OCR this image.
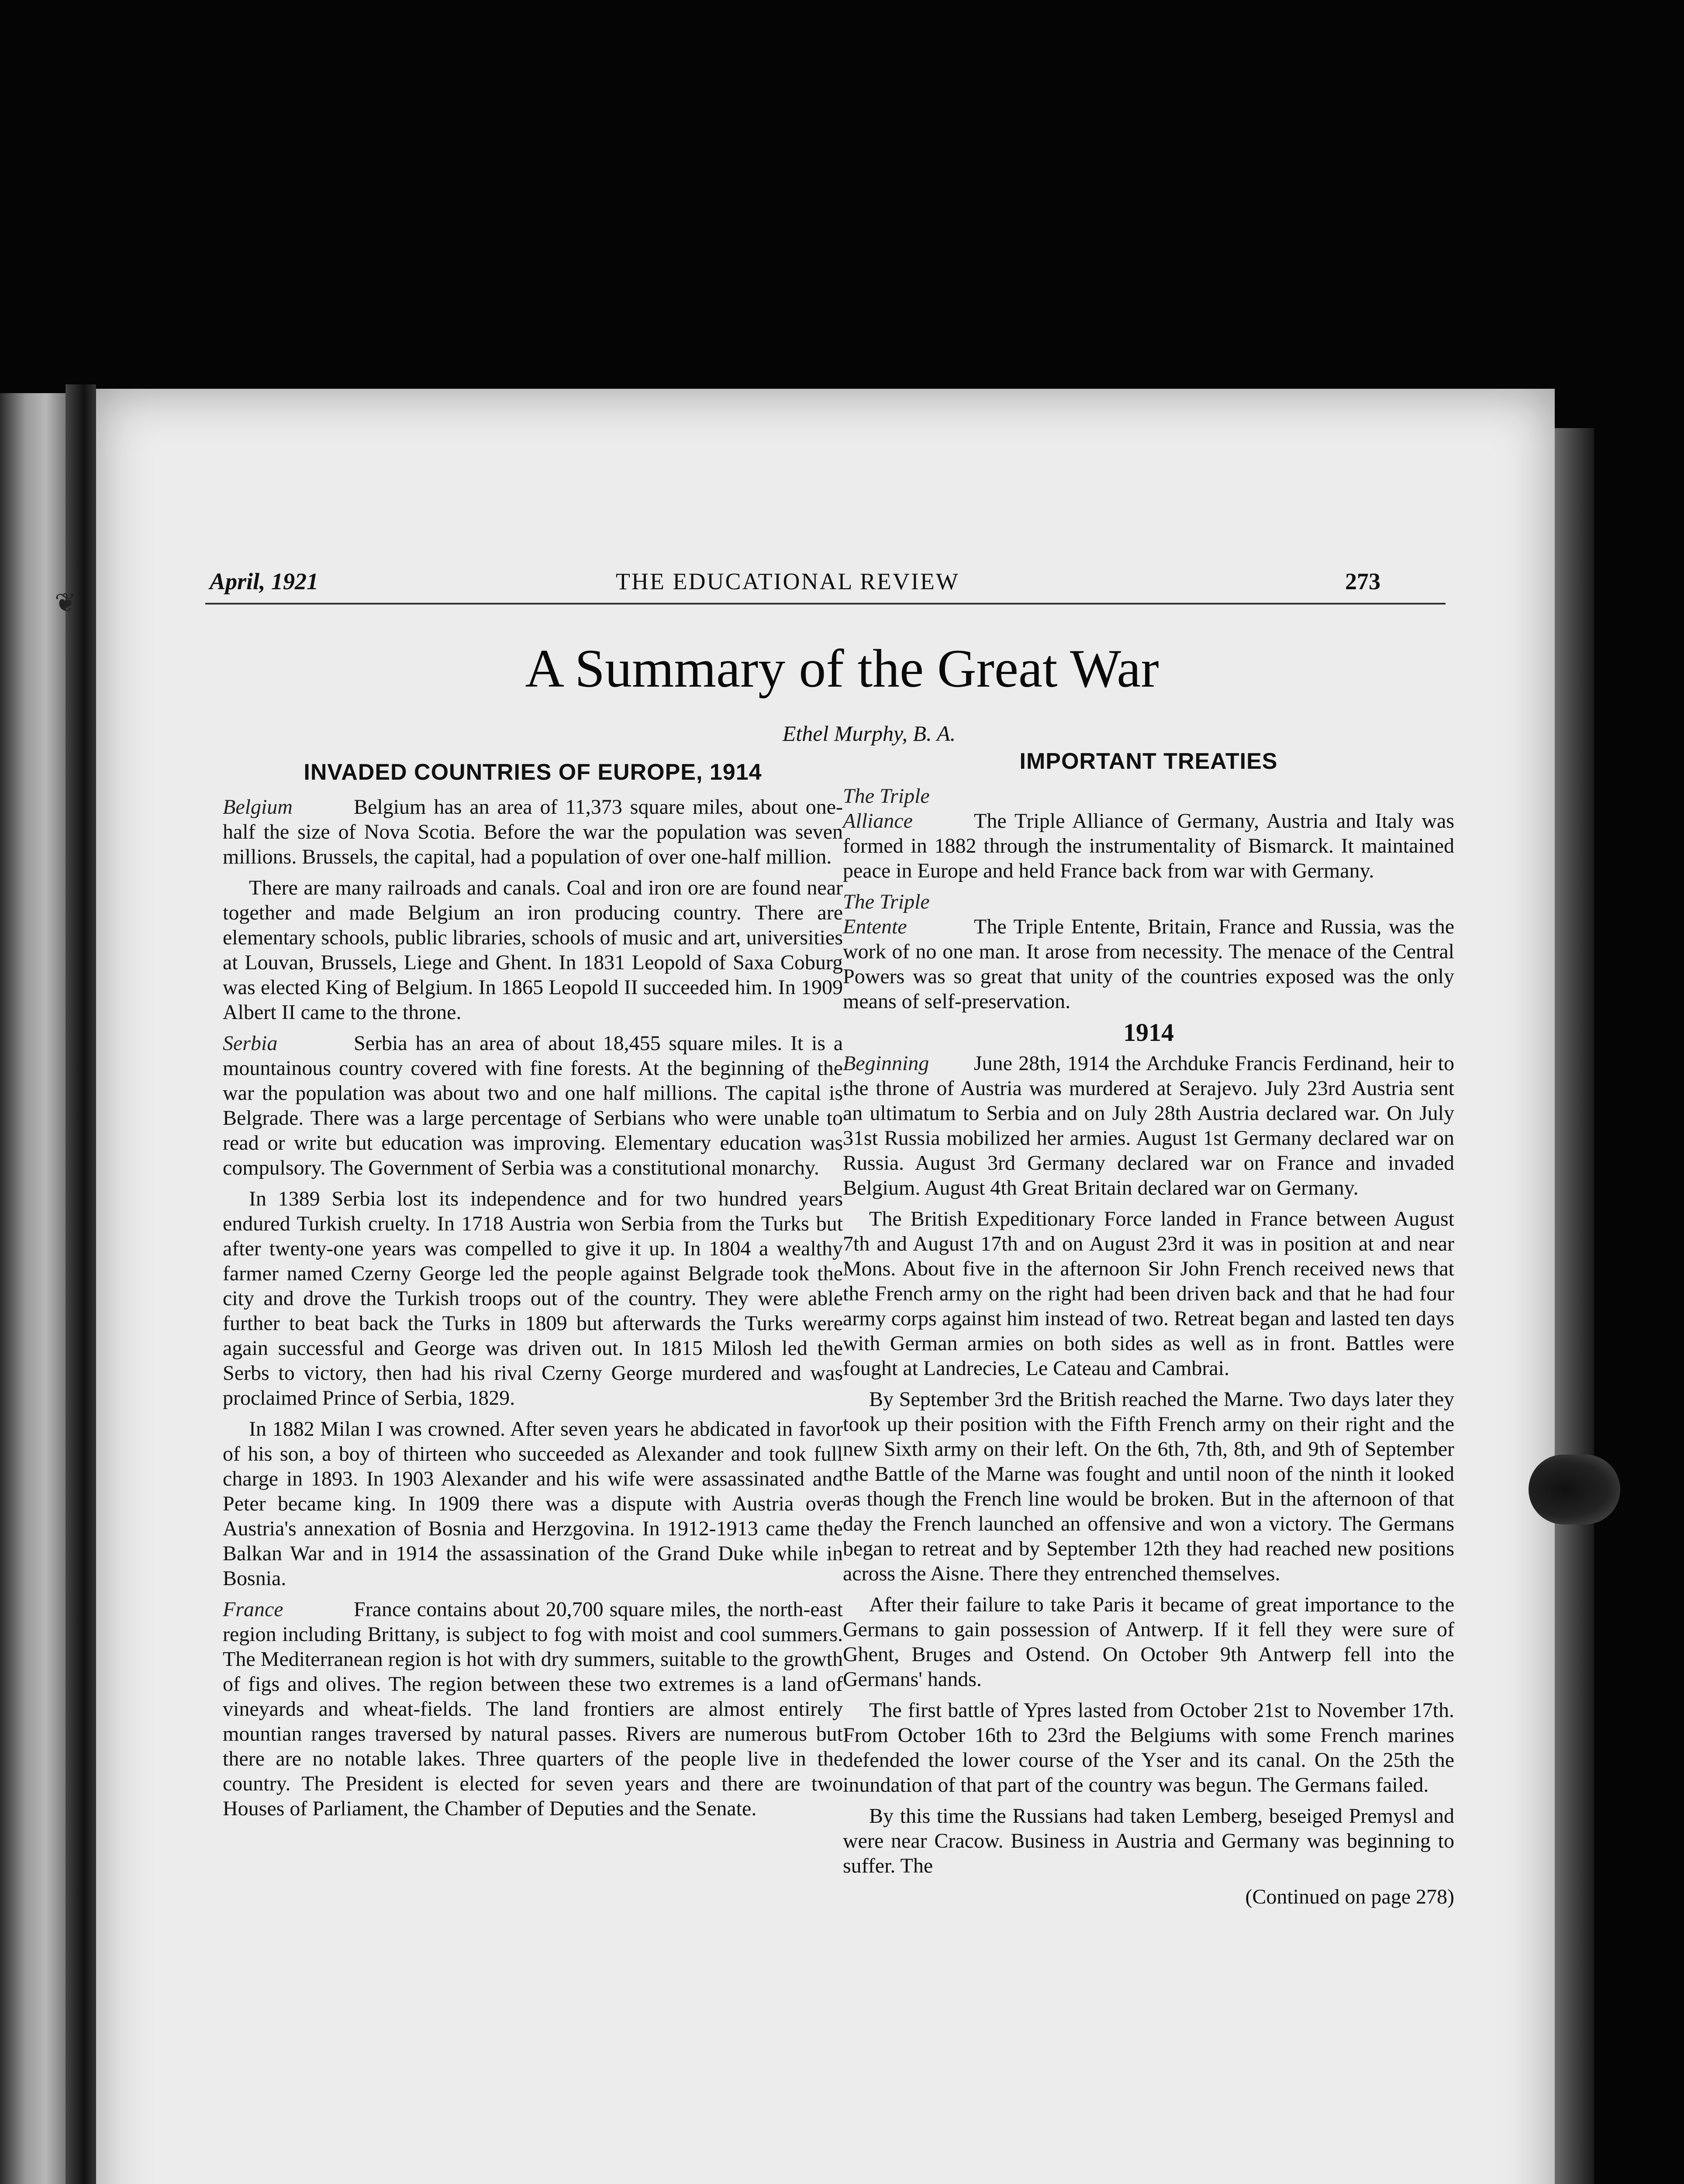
❦
April, 1921	THE EDUCATIONAL REVIEW	273
A Summary of the Great War
Ethel Murphy, B. A.
INVADED COUNTRIES OF EUROPE, 1914

Belgium	Belgium has an area of 11,373 square miles, about one-half the size of Nova Scotia. Before the war the population was seven millions. Brussels, the capital, had a population of over one-half million.

There are many railroads and canals. Coal and iron ore are found near together and made Belgium an iron producing country. There are elementary schools, public libraries, schools of music and art, universities at Louvan, Brussels, Liege and Ghent. In 1831 Leopold of Saxa Coburg was elected King of Belgium. In 1865 Leopold II succeeded him. In 1909 Albert II came to the throne.

Serbia	Serbia has an area of about 18,455 square miles. It is a mountainous country covered with fine forests. At the beginning of the war the population was about two and one half millions. The capital is Belgrade. There was a large percentage of Serbians who were unable to read or write but education was improving. Elementary education was compulsory. The Government of Serbia was a constitutional monarchy.

In 1389 Serbia lost its independence and for two hundred years endured Turkish cruelty. In 1718 Austria won Serbia from the Turks but after twenty-one years was compelled to give it up. In 1804 a wealthy farmer named Czerny George led the people against Belgrade took the city and drove the Turkish troops out of the country. They were able further to beat back the Turks in 1809 but afterwards the Turks were again successful and George was driven out. In 1815 Milosh led the Serbs to victory, then had his rival Czerny George murdered and was proclaimed Prince of Serbia, 1829.

In 1882 Milan I was crowned. After seven years he abdicated in favor of his son, a boy of thirteen who succeeded as Alexander and took full charge in 1893. In 1903 Alexander and his wife were assassinated and Peter became king. In 1909 there was a dispute with Austria over Austria's annexation of Bosnia and Herzgovina. In 1912-1913 came the Balkan War and in 1914 the assassination of the Grand Duke while in Bosnia.

France	France contains about 20,700 square miles, the north-east region including Brittany, is subject to fog with moist and cool summers. The Mediterranean region is hot with dry summers, suitable to the growth of figs and olives. The region between these two extremes is a land of vineyards and wheat-fields. The land frontiers are almost entirely mountian ranges traversed by natural passes. Rivers are numerous but there are no notable lakes. Three quarters of the people live in the country. The President is elected for seven years and there are two Houses of Parliament, the Chamber of Deputies and the Senate.

IMPORTANT TREATIES

The Triple Alliance	The Triple Alliance of Germany, Austria and Italy was formed in 1882 through the instrumentality of Bismarck. It maintained peace in Europe and held France back from war with Germany.

The Triple Entente	The Triple Entente, Britain, France and Russia, was the work of no one man. It arose from necessity. The menace of the Central Powers was so great that unity of the countries exposed was the only means of self-preservation.

1914

Beginning June 28th, 1914 the Archduke Francis Ferdinand, heir to the throne of Austria was murdered at Serajevo. July 23rd Austria sent an ultimatum to Serbia and on July 28th Austria declared war. On July 31st Russia mobilized her armies. August 1st Germany declared war on Russia. August 3rd Germany declared war on France and invaded Belgium. August 4th Great Britain declared war on Germany.

The British Expeditionary Force landed in France between August 7th and August 17th and on August 23rd it was in position at and near Mons. About five in the afternoon Sir John French received news that the French army on the right had been driven back and that he had four army corps against him instead of two. Retreat began and lasted ten days with German armies on both sides as well as in front. Battles were fought at Landrecies, Le Cateau and Cambrai.

By September 3rd the British reached the Marne. Two days later they took up their position with the Fifth French army on their right and the new Sixth army on their left. On the 6th, 7th, 8th, and 9th of September the Battle of the Marne was fought and until noon of the ninth it looked as though the French line would be broken. But in the afternoon of that day the French launched an offensive and won a victory. The Germans began to retreat and by September 12th they had reached new positions across the Aisne. There they entrenched themselves.

After their failure to take Paris it became of great importance to the Germans to gain possession of Antwerp. If it fell they were sure of Ghent, Bruges and Ostend. On October 9th Antwerp fell into the Germans' hands.

The first battle of Ypres lasted from October 21st to November 17th. From October 16th to 23rd the Belgiums with some French marines defended the lower course of the Yser and its canal. On the 25th the inundation of that part of the country was begun. The Germans failed.

By this time the Russians had taken Lemberg, beseiged Premysl and were near Cracow. Business in Austria and Germany was beginning to suffer. The

(Continued on page 278)
